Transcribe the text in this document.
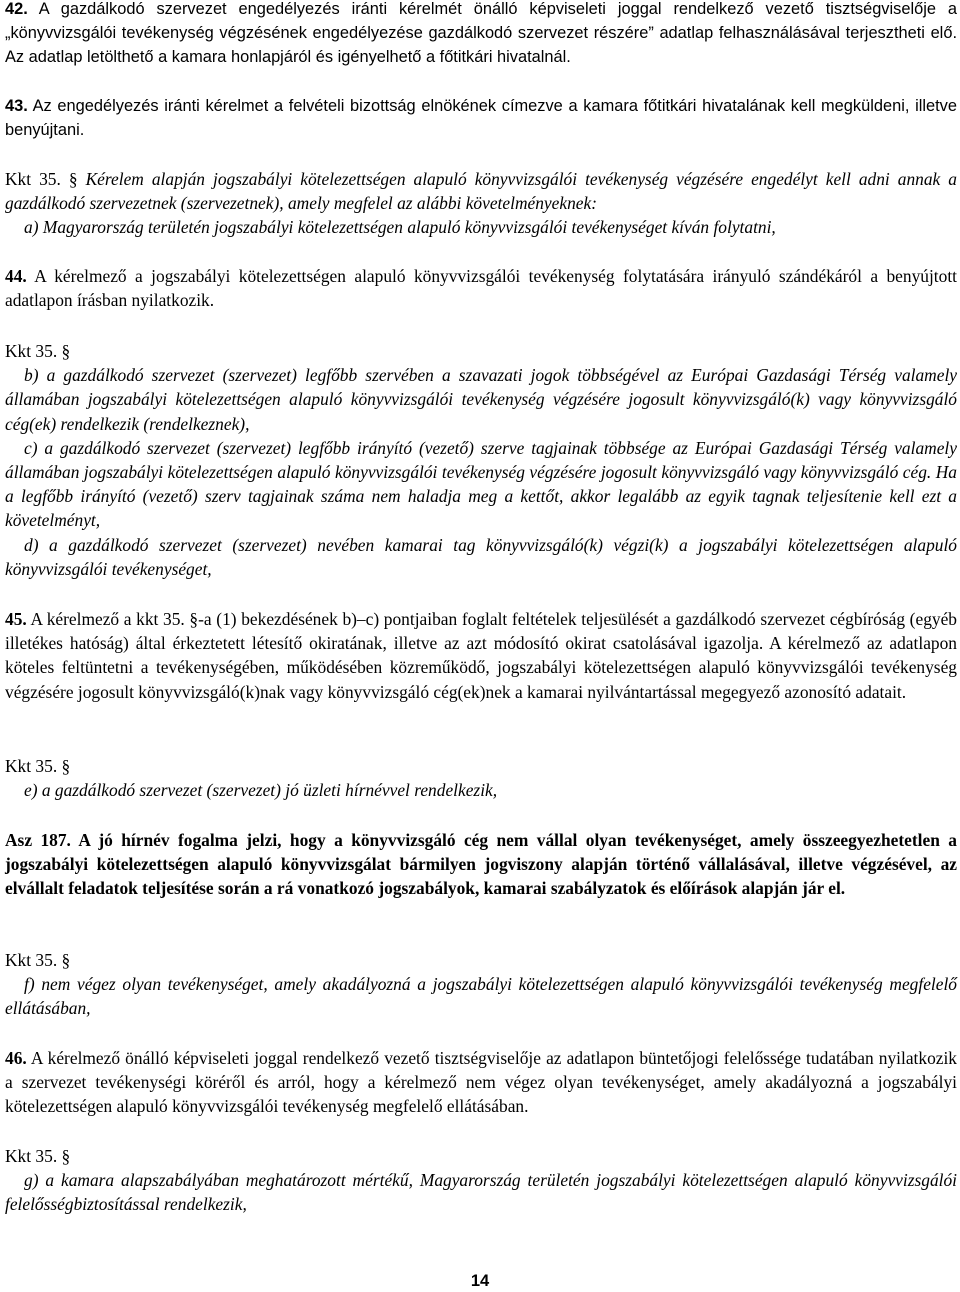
42. A gazdálkodó szervezet engedélyezés iránti kérelmét önálló képviseleti joggal rendelkező vezető tisztségviselője a „könyvvizsgálói tevékenység végzésének engedélyezése gazdálkodó szervezet részére” adatlap felhasználásával terjesztheti elő. Az adatlap letölthető a kamara honlapjáról és igényelhető a főtitkári hivatalnál.

43. Az engedélyezés iránti kérelmet a felvételi bizottság elnökének címezve a kamara főtitkári hivatalának kell megküldeni, illetve benyújtani.

Kkt 35. § Kérelem alapján jogszabályi kötelezettségen alapuló könyvvizsgálói tevékenység végzésére engedélyt kell adni annak a gazdálkodó szervezetnek (szervezetnek), amely megfelel az alábbi követelményeknek:

a) Magyarország területén jogszabályi kötelezettségen alapuló könyvvizsgálói tevékenységet kíván folytatni,

44. A kérelmező a jogszabályi kötelezettségen alapuló könyvvizsgálói tevékenység folytatására irányuló szándékáról a benyújtott adatlapon írásban nyilatkozik.

Kkt 35. §

b) a gazdálkodó szervezet (szervezet) legfőbb szervében a szavazati jogok többségével az Európai Gazdasági Térség valamely államában jogszabályi kötelezettségen alapuló könyvvizsgálói tevékenység végzésére jogosult könyvvizsgáló(k) vagy könyvvizsgáló cég(ek) rendelkezik (rendelkeznek),

c) a gazdálkodó szervezet (szervezet) legfőbb irányító (vezető) szerve tagjainak többsége az Európai Gazdasági Térség valamely államában jogszabályi kötelezettségen alapuló könyvvizsgálói tevékenység végzésére jogosult könyvvizsgáló vagy könyvvizsgáló cég. Ha a legfőbb irányító (vezető) szerv tagjainak száma nem haladja meg a kettőt, akkor legalább az egyik tagnak teljesítenie kell ezt a követelményt,

d) a gazdálkodó szervezet (szervezet) nevében kamarai tag könyvvizsgáló(k) végzi(k) a jogszabályi kötelezettségen alapuló könyvvizsgálói tevékenységet,

45. A kérelmező a kkt 35. §-a (1) bekezdésének b)–c) pontjaiban foglalt feltételek teljesülését a gazdálkodó szervezet cégbíróság (egyéb illetékes hatóság) által érkeztetett létesítő okiratának, illetve az azt módosító okirat csatolásával igazolja. A kérelmező az adatlapon köteles feltüntetni a tevékenységében, működésében közreműködő, jogszabályi kötelezettségen alapuló könyvvizsgálói tevékenység végzésére jogosult könyvvizsgáló(k)nak vagy könyvvizsgáló cég(ek)nek a kamarai nyilvántartással megegyező azonosító adatait.

Kkt 35. §

e) a gazdálkodó szervezet (szervezet) jó üzleti hírnévvel rendelkezik,

Asz 187. A jó hírnév fogalma jelzi, hogy a könyvvizsgáló cég nem vállal olyan tevékenységet, amely összeegyezhetetlen a jogszabályi kötelezettségen alapuló könyvvizsgálat bármilyen jogviszony alapján történő vállalásával, illetve végzésével, az elvállalt feladatok teljesítése során a rá vonatkozó jogszabályok, kamarai szabályzatok és előírások alapján jár el.

Kkt 35. §

f) nem végez olyan tevékenységet, amely akadályozná a jogszabályi kötelezettségen alapuló könyvvizsgálói tevékenység megfelelő ellátásában,

46. A kérelmező önálló képviseleti joggal rendelkező vezető tisztségviselője az adatlapon büntetőjogi felelőssége tudatában nyilatkozik a szervezet tevékenységi köréről és arról, hogy a kérelmező nem végez olyan tevékenységet, amely akadályozná a jogszabályi kötelezettségen alapuló könyvvizsgálói tevékenység megfelelő ellátásában.

Kkt 35. §

g) a kamara alapszabályában meghatározott mértékű, Magyarország területén jogszabályi kötelezettségen alapuló könyvvizsgálói felelősségbiztosítással rendelkezik,

14
